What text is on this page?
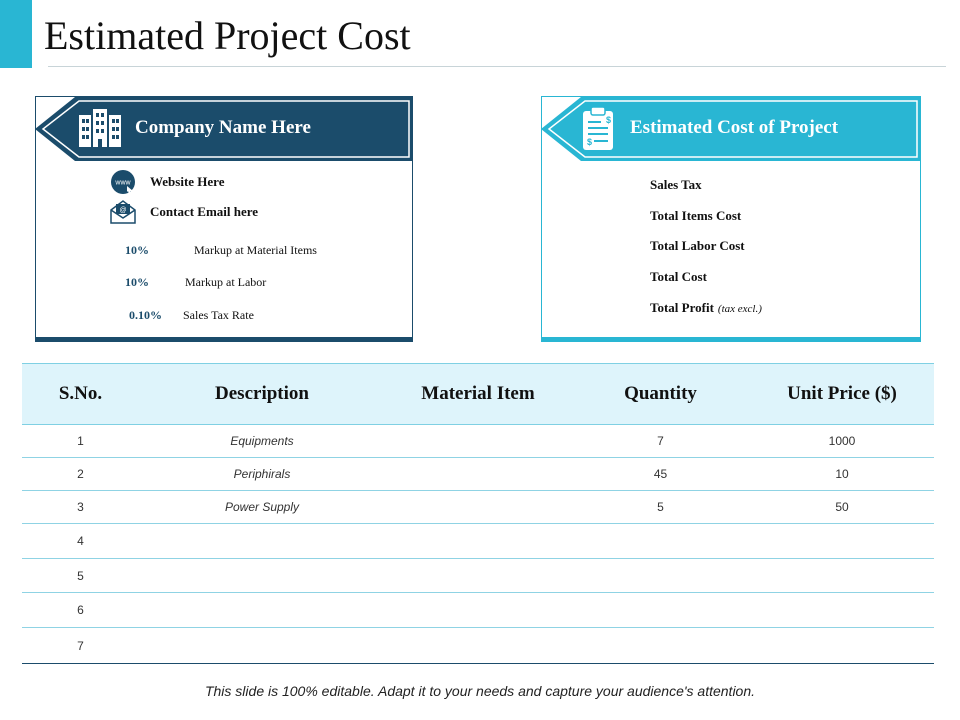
Estimated Project Cost
Company Name Here
www Website Here
@ Contact Email here
10%	Markup at Material Items
10%	Markup at Labor
0.10% Sales Tax Rate
$
$
Estimated Cost of Project
Sales Tax
Total Items Cost
Total Labor Cost
Total Cost
Total Profit (tax excl.)
S.No.	Description	Material Item	Quantity	Unit Price ($)
1	Equipments		7	1000
2	Periphirals		45	10
3	Power Supply		5	50
4				
5				
6				
7				
This slide is 100% editable. Adapt it to your needs and capture your audience's attention.
